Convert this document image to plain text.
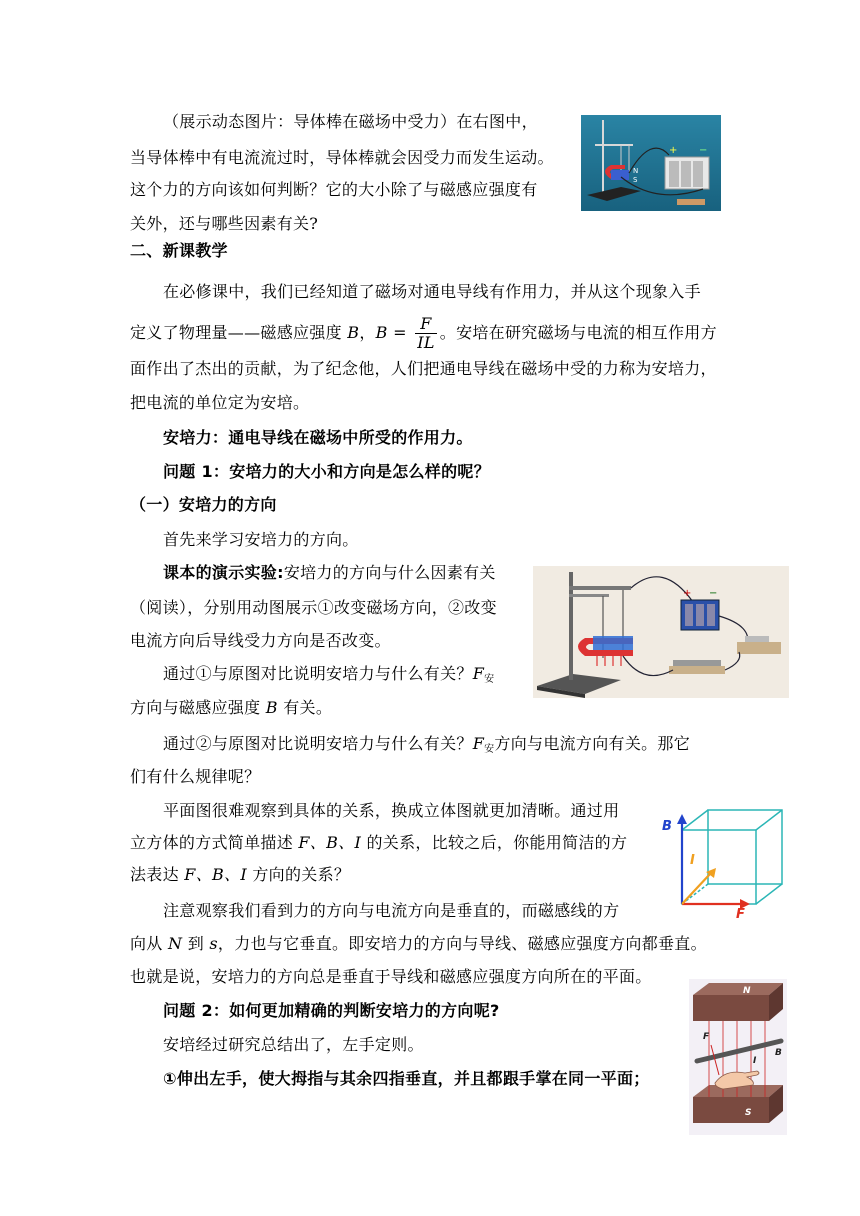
（展示动态图片：导体棒在磁场中受力）在右图中，
当导体棒中有电流流过时，导体棒就会因受力而发生运动。
这个力的方向该如何判断？它的大小除了与磁感应强度有
关外，还与哪些因素有关?
N
S
+ −
二、新课教学
在必修课中，我们已经知道了磁场对通电导线有作用力，并从这个现象入手
定义了物理量——磁感应强度 B，$B = \frac{F}{IL}$ 。安培在研究磁场与电流的相互作用方
面作出了杰出的贡献，为了纪念他，人们把通电导线在磁场中受的力称为安培力，
把电流的单位定为安培。
安培力：通电导线在磁场中所受的作用力。
问题 1：安培力的大小和方向是怎么样的呢？
（一）安培力的方向
首先来学习安培力的方向。
课本的演示实验:安培力的方向与什么因素有关
（阅读），分别用动图展示①改变磁场方向，②改变
电流方向后导线受力方向是否改变。
+ −
通过①与原图对比说明安培力与什么有关？$F_安$
方向与磁感应强度 B 有关。
通过②与原图对比说明安培力与什么有关？$F_安$方向与电流方向有关。那它
们有什么规律呢？
平面图很难观察到具体的关系，换成立体图就更加清晰。通过用
立方体的方式简单描述 F、B、I 的关系，比较之后，你能用简洁的方
法表达 F、B、I 方向的关系？
B
I
F
注意观察我们看到力的方向与电流方向是垂直的，而磁感线的方
向从 N 到 s，力也与它垂直。即安培力的方向与导线、磁感应强度方向都垂直。
也就是说，安培力的方向总是垂直于导线和磁感应强度方向所在的平面。
问题 2：如何更加精确的判断安培力的方向呢?
安培经过研究总结出了，左手定则。
①伸出左手，使大拇指与其余四指垂直，并且都跟手掌在同一平面；
N
S
F
I
B
